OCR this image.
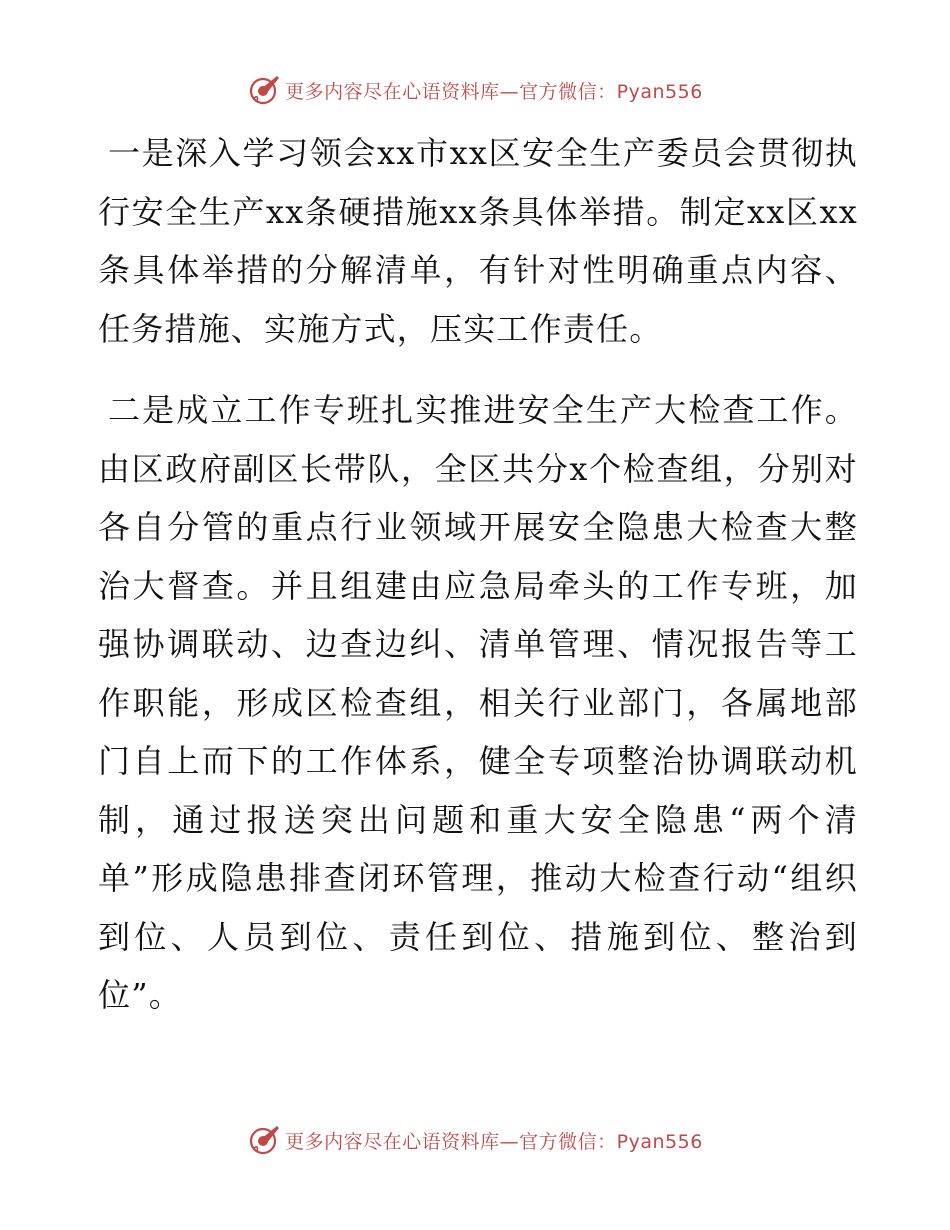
更多内容尽在心语资料库—官方微信：Pyan556

一是深入学习领会xx市xx区安全生产委员会贯彻执行安全生产xx条硬措施xx条具体举措。制定xx区xx条具体举措的分解清单，有针对性明确重点内容、任务措施、实施方式，压实工作责任。

二是成立工作专班扎实推进安全生产大检查工作。由区政府副区长带队，全区共分x个检查组，分别对各自分管的重点行业领域开展安全隐患大检查大整治大督查。并且组建由应急局牵头的工作专班，加强协调联动、边查边纠、清单管理、情况报告等工作职能，形成区检查组，相关行业部门，各属地部门自上而下的工作体系，健全专项整治协调联动机制，通过报送突出问题和重大安全隐患“两个清单”形成隐患排查闭环管理，推动大检查行动“组织到位、人员到位、责任到位、措施到位、整治到位”。

更多内容尽在心语资料库—官方微信：Pyan556
